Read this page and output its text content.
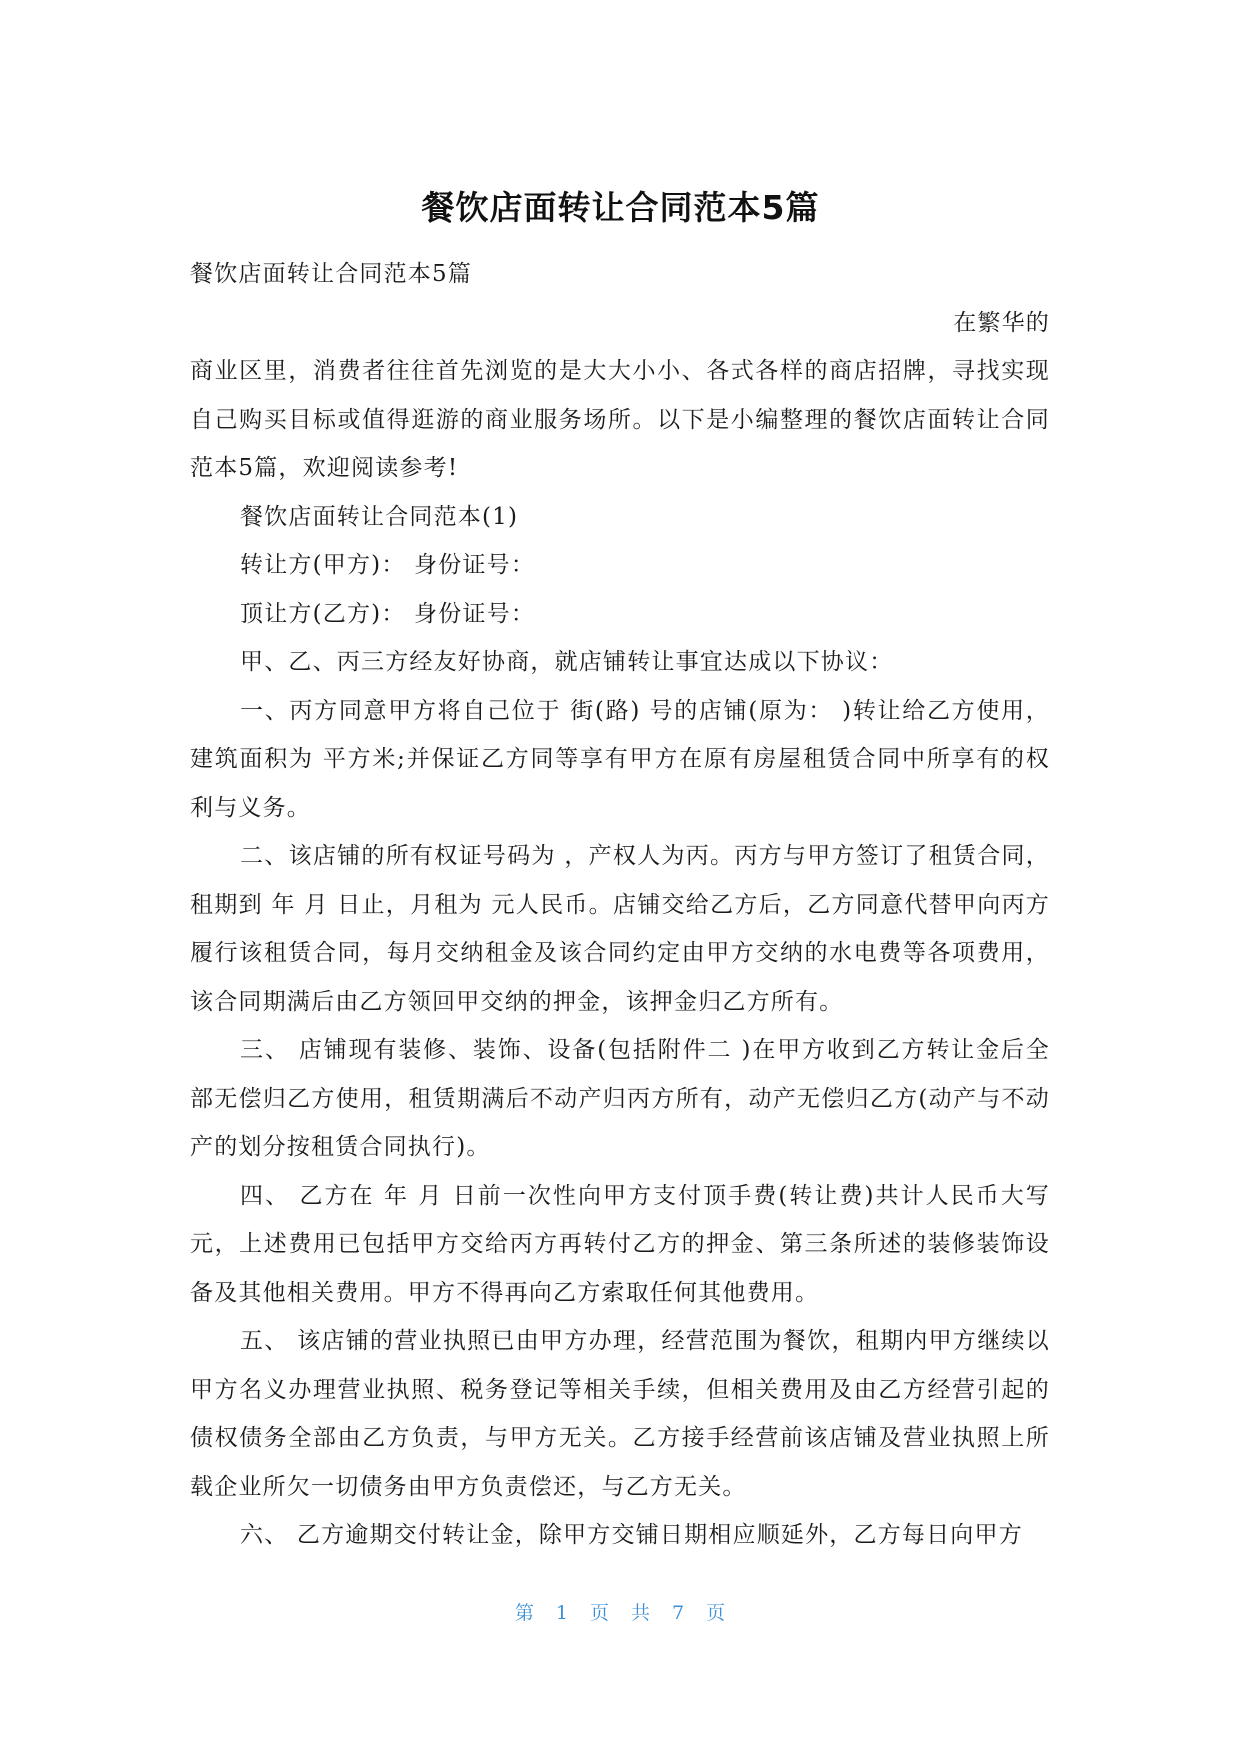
餐饮店面转让合同范本5篇

餐饮店面转让合同范本5篇

在繁华的

商业区里，消费者往往首先浏览的是大大小小、各式各样的商店招牌，寻找实现自己购买目标或值得逛游的商业服务场所。以下是小编整理的餐饮店面转让合同范本5篇，欢迎阅读参考!

餐饮店面转让合同范本(1)

转让方(甲方)： 身份证号：

顶让方(乙方)： 身份证号：

甲、乙、丙三方经友好协商，就店铺转让事宜达成以下协议：

一、丙方同意甲方将自己位于 街(路) 号的店铺(原为： )转让给乙方使用，建筑面积为 平方米;并保证乙方同等享有甲方在原有房屋租赁合同中所享有的权利与义务。

二、该店铺的所有权证号码为 ，产权人为丙。丙方与甲方签订了租赁合同，租期到 年 月 日止，月租为 元人民币。店铺交给乙方后，乙方同意代替甲向丙方履行该租赁合同，每月交纳租金及该合同约定由甲方交纳的水电费等各项费用，该合同期满后由乙方领回甲交纳的押金，该押金归乙方所有。

三、 店铺现有装修、装饰、设备(包括附件二 )在甲方收到乙方转让金后全部无偿归乙方使用，租赁期满后不动产归丙方所有，动产无偿归乙方(动产与不动产的划分按租赁合同执行)。

四、 乙方在 年 月 日前一次性向甲方支付顶手费(转让费)共计人民币大写 元，上述费用已包括甲方交给丙方再转付乙方的押金、第三条所述的装修装饰设备及其他相关费用。甲方不得再向乙方索取任何其他费用。

五、 该店铺的营业执照已由甲方办理，经营范围为餐饮，租期内甲方继续以甲方名义办理营业执照、税务登记等相关手续，但相关费用及由乙方经营引起的债权债务全部由乙方负责，与甲方无关。乙方接手经营前该店铺及营业执照上所载企业所欠一切债务由甲方负责偿还，与乙方无关。

六、 乙方逾期交付转让金，除甲方交铺日期相应顺延外，乙方每日向甲方

第 1 页 共 7 页
